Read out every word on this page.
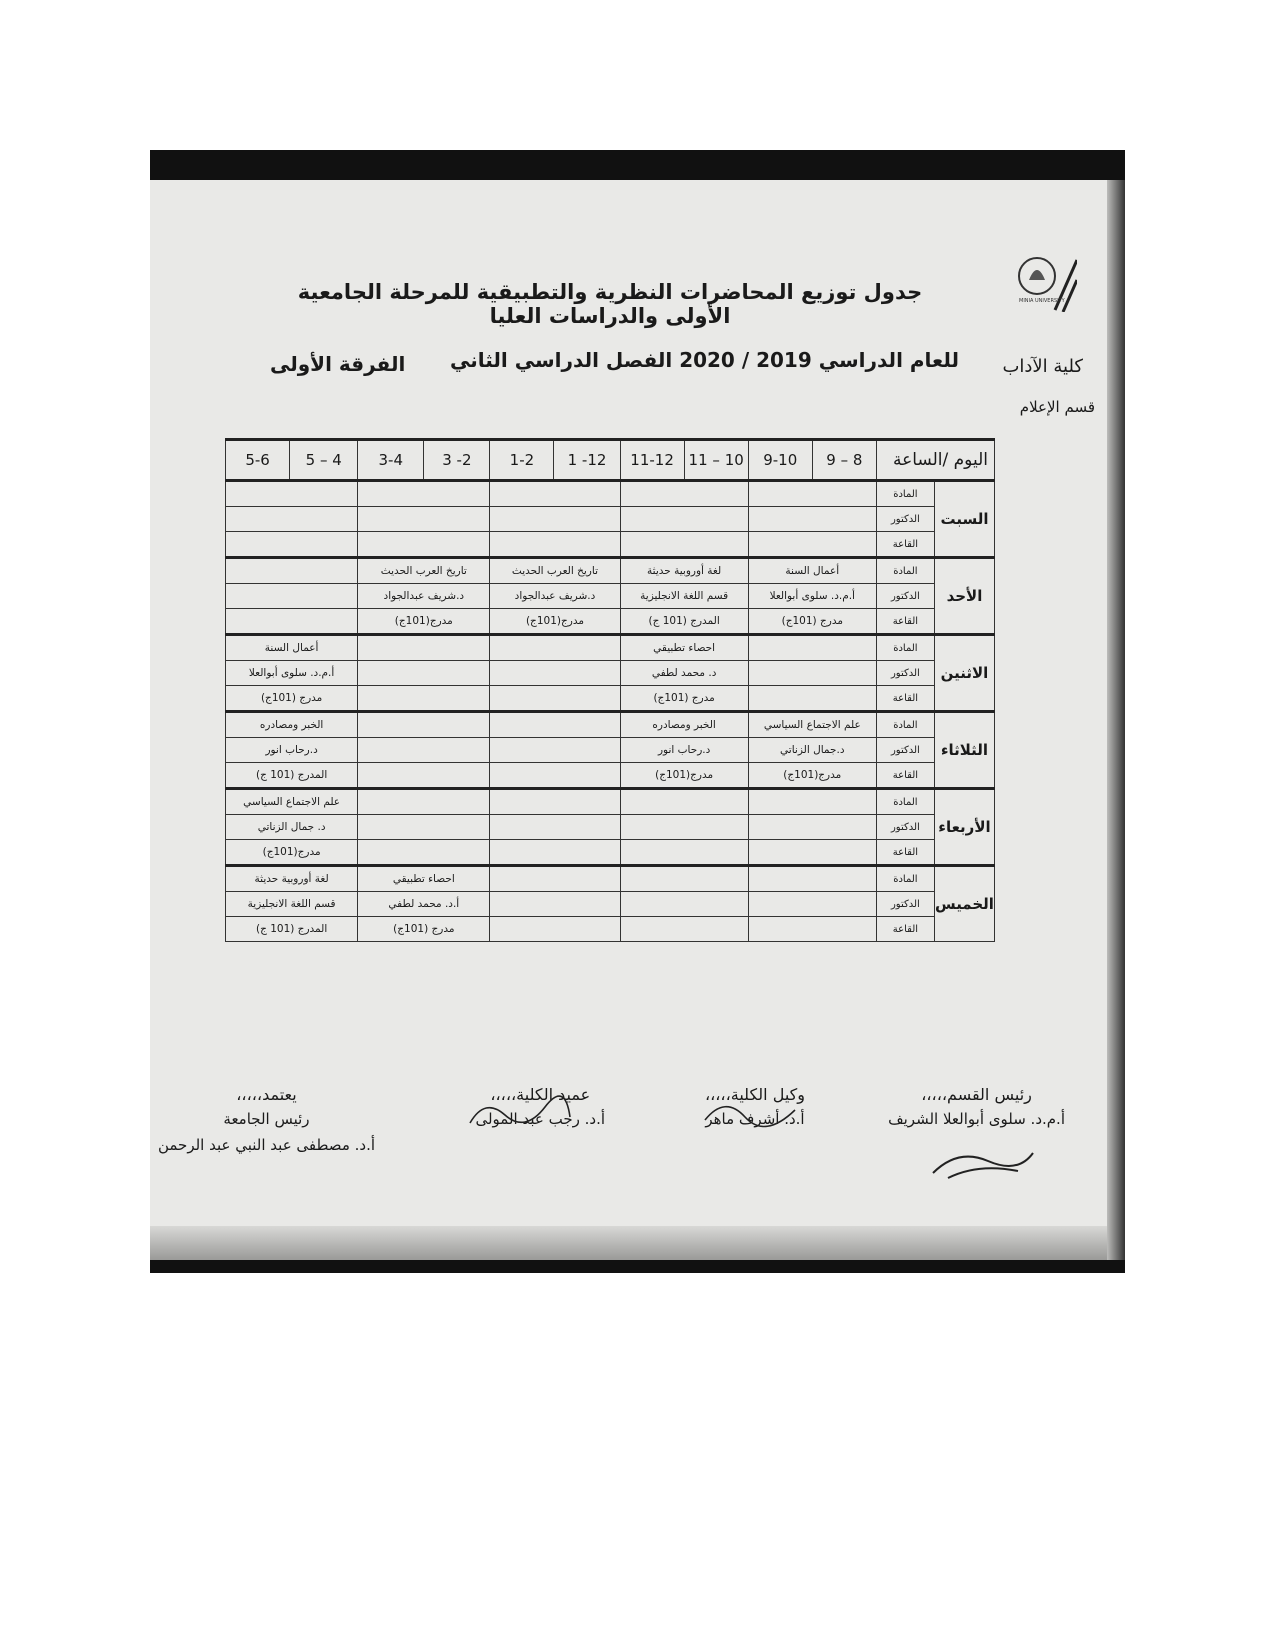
MINIA UNIVERSITY
جدول توزيع المحاضرات النظرية والتطبيقية للمرحلة الجامعية الأولى والدراسات العليا
كلية الآداب
قسم الإعلام
للعام الدراسي 2019 / 2020 الفصل الدراسي الثاني
الفرقة الأولى
اليوم /الساعة		8 – 9	9-10	10 – 11	11-12	12- 1	1-2	2- 3	3-4	4 – 5	5-6
السبت	المادة										
	الدكتور										
	القاعة										
الأحد	المادة	أعمال السنة		لغة أوروبية حديثة		تاريخ العرب الحديث		تاريخ العرب الحديث			
	الدكتور	أ.م.د. سلوى أبوالعلا		قسم اللغة الانجليزية		د.شريف عبدالجواد		د.شريف عبدالجواد			
	القاعة	مدرج (101ج)		المدرج (101 ج)		مدرج(101ج)		مدرج(101ج)			
الاثنين	المادة			احصاء تطبيقي						أعمال السنة	
	الدكتور			د. محمد لطفي						أ.م.د. سلوى أبوالعلا	
	القاعة			مدرج (101ج)						مدرج (101ج)	
الثلاثاء	المادة	علم الاجتماع السياسي		الخبر ومصادره						الخبر ومصادره	
	الدكتور	د.جمال الزناتي		د.رحاب انور						د.رحاب انور	
	القاعة	مدرج(101ج)		مدرج(101ج)						المدرج (101 ج)	
الأربعاء	المادة									علم الاجتماع السياسي	
	الدكتور									د. جمال الزناتي	
	القاعة									مدرج(101ج)	
الخميس	المادة							احصاء تطبيقي		لغة أوروبية حديثة	
	الدكتور							أ.د. محمد لطفي		قسم اللغة الانجليزية	
	القاعة							مدرج (101ج)		المدرج (101 ج)	
رئيس القسم،،،،،
أ.م.د. سلوى أبوالعلا الشريف
وكيل الكلية،،،،،
أ.د. أشرف ماهر
عميد الكلية،،،،،
أ.د. رجب عبد المولى
يعتمد،،،،،
رئيس الجامعة
أ.د. مصطفى عبد النبي عبد الرحمن
